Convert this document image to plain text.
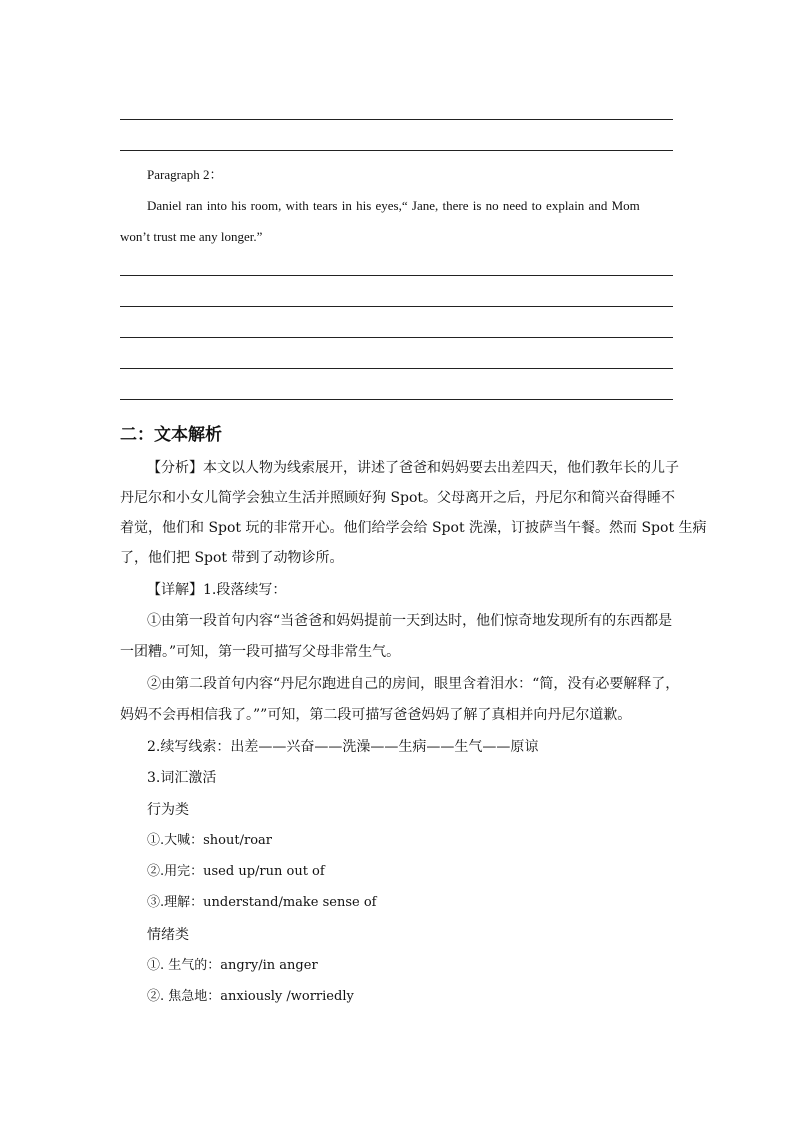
Paragraph 2：
Daniel ran into his room, with tears in his eyes,“ Jane, there is no need to explain and Mom
won’t trust me any longer.”
二：文本解析
【分析】本文以人物为线索展开，讲述了爸爸和妈妈要去出差四天，他们教年长的儿子
丹尼尔和小女儿简学会独立生活并照顾好狗 Spot。父母离开之后，丹尼尔和简兴奋得睡不
着觉，他们和 Spot 玩的非常开心。他们给学会给 Spot 洗澡，订披萨当午餐。然而 Spot 生病
了，他们把 Spot 带到了动物诊所。
【详解】1.段落续写：
①由第一段首句内容“当爸爸和妈妈提前一天到达时，他们惊奇地发现所有的东西都是
一团糟。”可知，第一段可描写父母非常生气。
②由第二段首句内容“丹尼尔跑进自己的房间，眼里含着泪水：“简，没有必要解释了，
妈妈不会再相信我了。””可知，第二段可描写爸爸妈妈了解了真相并向丹尼尔道歉。
2.续写线索：出差——兴奋——洗澡——生病——生气——原谅
3.词汇激活
行为类
①.大喊：shout/roar
②.用完：used up/run out of
③.理解：understand/make sense of
情绪类
①. 生气的：angry/in anger
②. 焦急地：anxiously /worriedly
